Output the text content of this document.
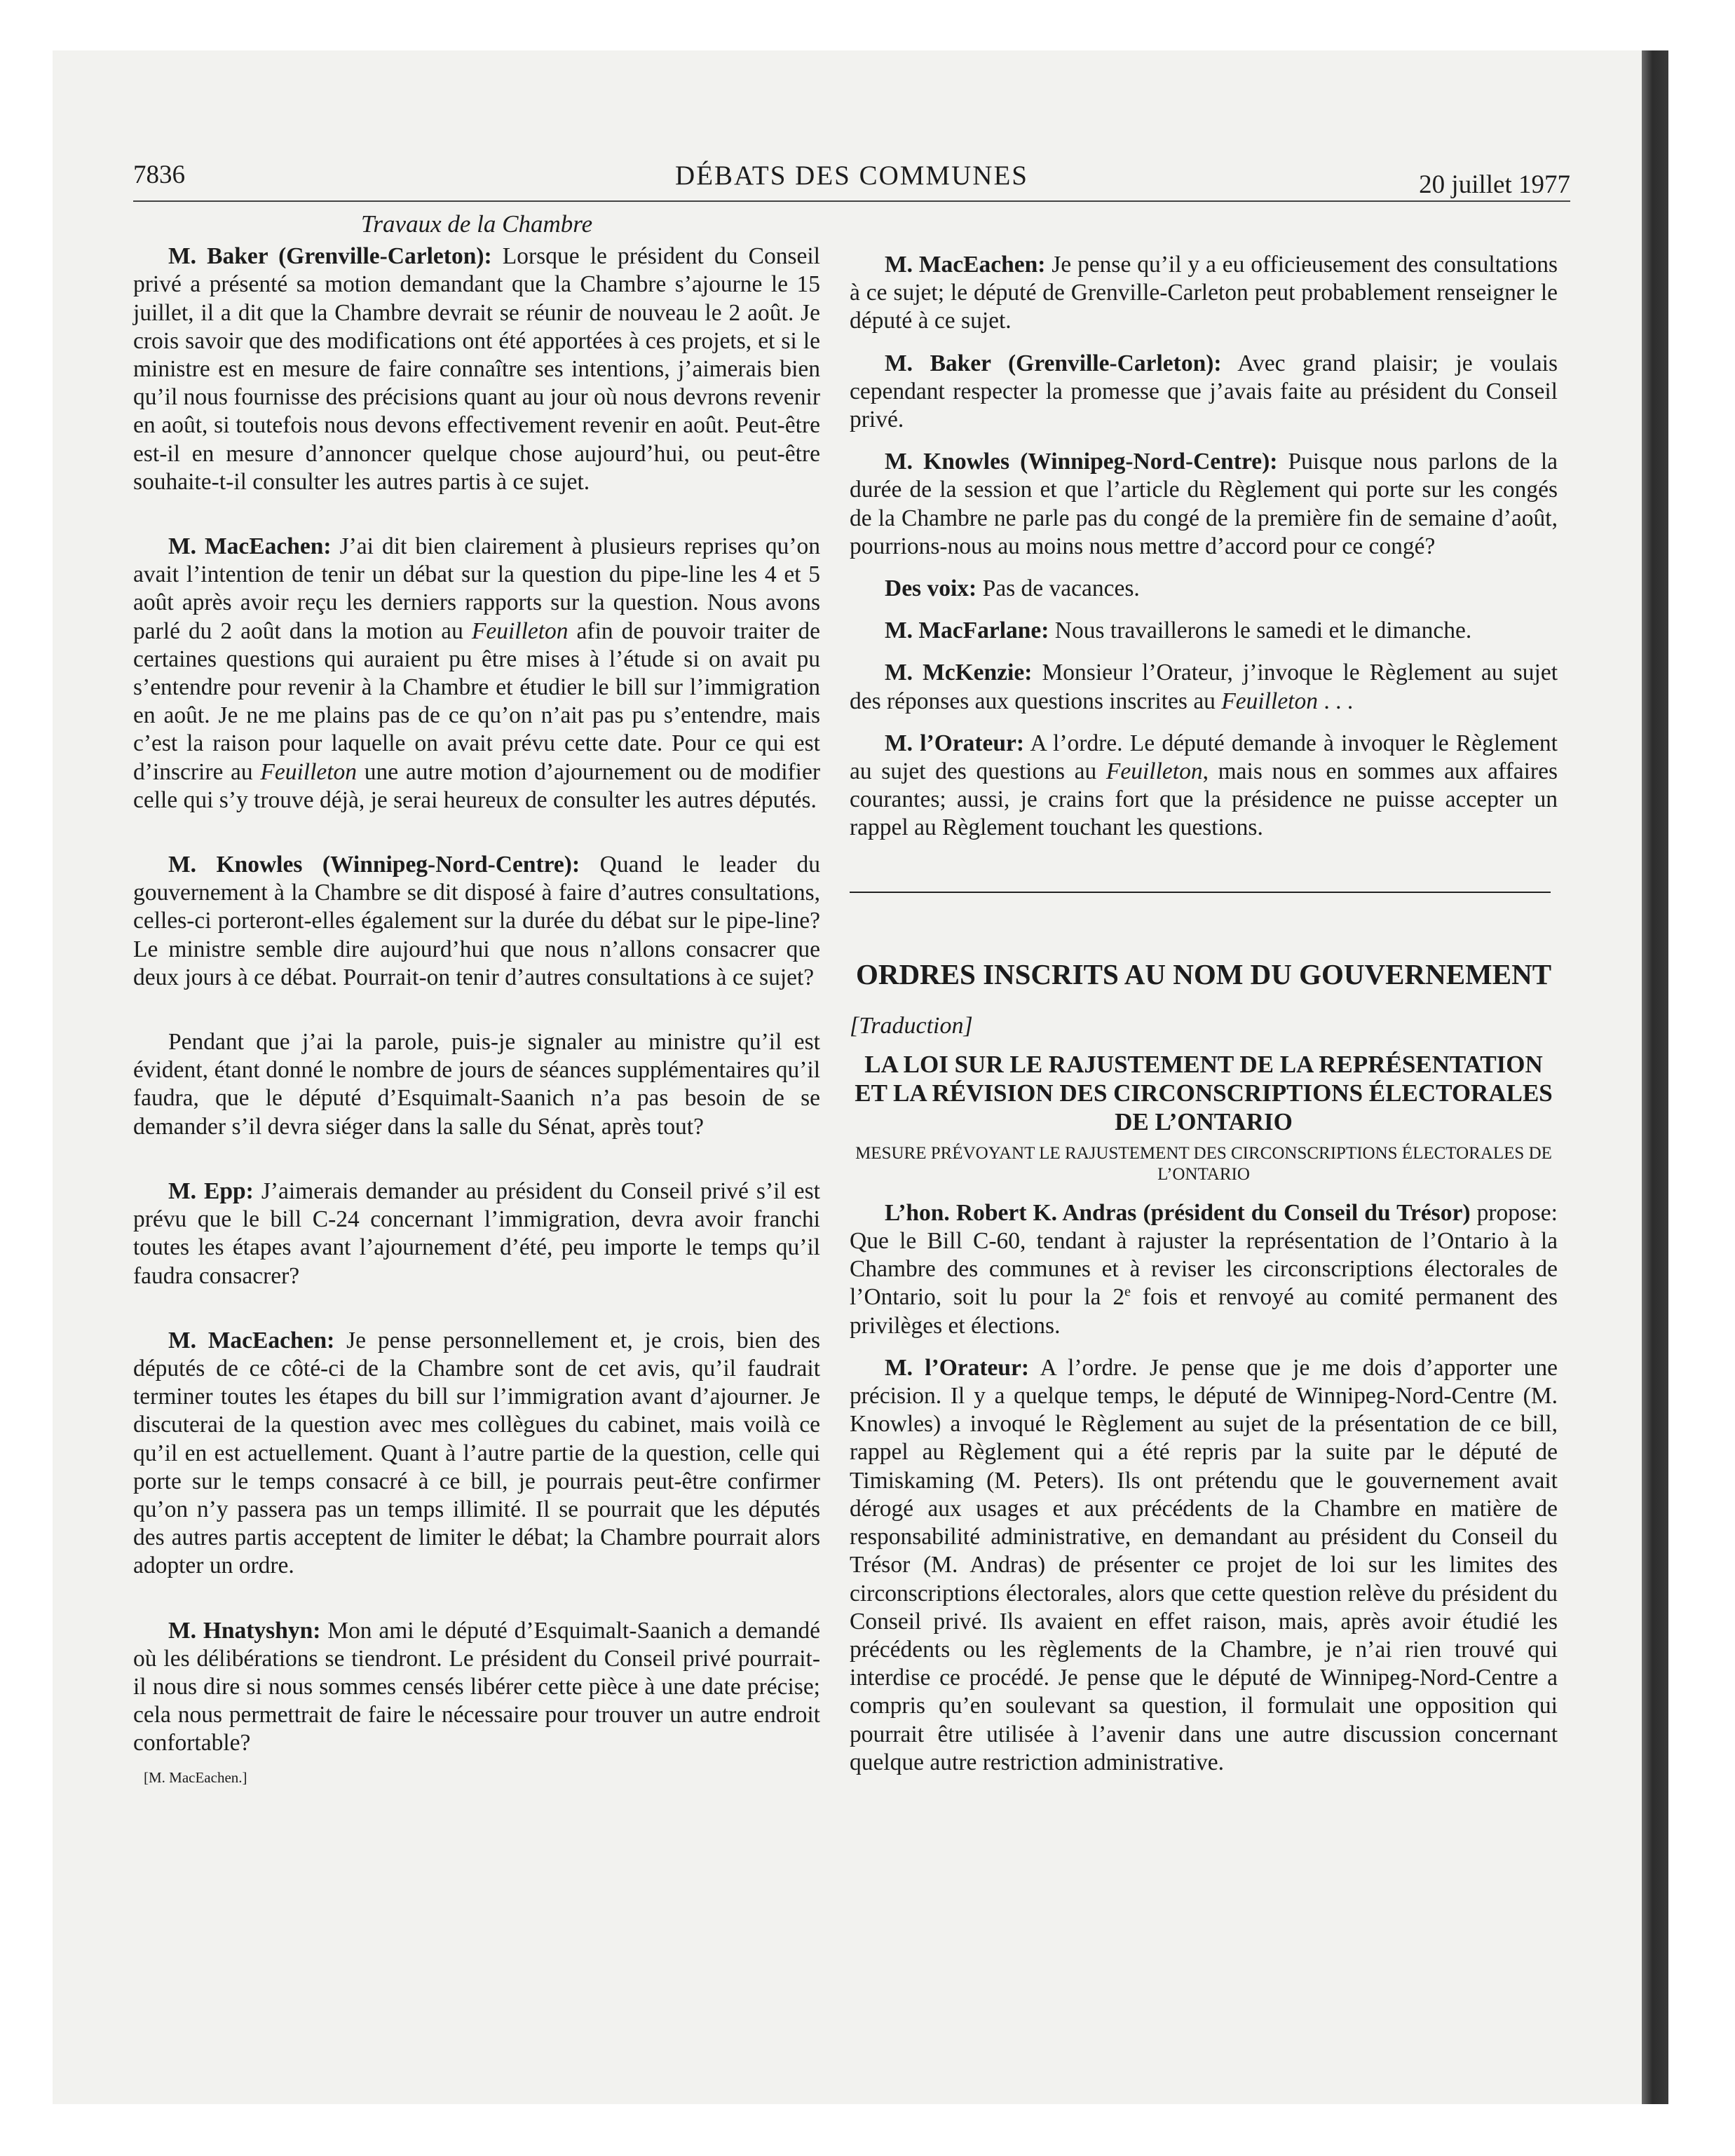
7836	DÉBATS DES COMMUNES	20 juillet 1977

Travaux de la Chambre

M. Baker (Grenville-Carleton): Lorsque le président du Conseil privé a présenté sa motion demandant que la Chambre s’ajourne le 15 juillet, il a dit que la Chambre devrait se réunir de nouveau le 2 août. Je crois savoir que des modifications ont été apportées à ces projets, et si le ministre est en mesure de faire connaître ses intentions, j’aimerais bien qu’il nous fournisse des précisions quant au jour où nous devrons revenir en août, si toutefois nous devons effectivement revenir en août. Peut-être est-il en mesure d’annoncer quelque chose aujourd’hui, ou peut-être souhaite-t-il consulter les autres partis à ce sujet.

M. MacEachen: J’ai dit bien clairement à plusieurs reprises qu’on avait l’intention de tenir un débat sur la question du pipe-line les 4 et 5 août après avoir reçu les derniers rapports sur la question. Nous avons parlé du 2 août dans la motion au Feuilleton afin de pouvoir traiter de certaines questions qui auraient pu être mises à l’étude si on avait pu s’entendre pour revenir à la Chambre et étudier le bill sur l’immigration en août. Je ne me plains pas de ce qu’on n’ait pas pu s’entendre, mais c’est la raison pour laquelle on avait prévu cette date. Pour ce qui est d’inscrire au Feuilleton une autre motion d’ajournement ou de modifier celle qui s’y trouve déjà, je serai heureux de consulter les autres députés.

M. Knowles (Winnipeg-Nord-Centre): Quand le leader du gouvernement à la Chambre se dit disposé à faire d’autres consultations, celles-ci porteront-elles également sur la durée du débat sur le pipe-line? Le ministre semble dire aujourd’hui que nous n’allons consacrer que deux jours à ce débat. Pourrait-on tenir d’autres consultations à ce sujet?

Pendant que j’ai la parole, puis-je signaler au ministre qu’il est évident, étant donné le nombre de jours de séances supplémentaires qu’il faudra, que le député d’Esquimalt-Saanich n’a pas besoin de se demander s’il devra siéger dans la salle du Sénat, après tout?

M. Epp: J’aimerais demander au président du Conseil privé s’il est prévu que le bill C-24 concernant l’immigration, devra avoir franchi toutes les étapes avant l’ajournement d’été, peu importe le temps qu’il faudra consacrer?

M. MacEachen: Je pense personnellement et, je crois, bien des députés de ce côté-ci de la Chambre sont de cet avis, qu’il faudrait terminer toutes les étapes du bill sur l’immigration avant d’ajourner. Je discuterai de la question avec mes collègues du cabinet, mais voilà ce qu’il en est actuellement. Quant à l’autre partie de la question, celle qui porte sur le temps consacré à ce bill, je pourrais peut-être confirmer qu’on n’y passera pas un temps illimité. Il se pourrait que les députés des autres partis acceptent de limiter le débat; la Chambre pourrait alors adopter un ordre.

M. Hnatyshyn: Mon ami le député d’Esquimalt-Saanich a demandé où les délibérations se tiendront. Le président du Conseil privé pourrait-il nous dire si nous sommes censés libérer cette pièce à une date précise; cela nous permettrait de faire le nécessaire pour trouver un autre endroit confortable?

[M. MacEachen.]

M. MacEachen: Je pense qu’il y a eu officieusement des consultations à ce sujet; le député de Grenville-Carleton peut probablement renseigner le député à ce sujet.

M. Baker (Grenville-Carleton): Avec grand plaisir; je voulais cependant respecter la promesse que j’avais faite au président du Conseil privé.

M. Knowles (Winnipeg-Nord-Centre): Puisque nous parlons de la durée de la session et que l’article du Règlement qui porte sur les congés de la Chambre ne parle pas du congé de la première fin de semaine d’août, pourrions-nous au moins nous mettre d’accord pour ce congé?

Des voix: Pas de vacances.

M. MacFarlane: Nous travaillerons le samedi et le dimanche.

M. McKenzie: Monsieur l’Orateur, j’invoque le Règlement au sujet des réponses aux questions inscrites au Feuilleton . . .

M. l’Orateur: A l’ordre. Le député demande à invoquer le Règlement au sujet des questions au Feuilleton, mais nous en sommes aux affaires courantes; aussi, je crains fort que la présidence ne puisse accepter un rappel au Règlement touchant les questions.

ORDRES INSCRITS AU NOM DU GOUVERNEMENT

[Traduction]

LA LOI SUR LE RAJUSTEMENT DE LA REPRÉSENTATION ET LA RÉVISION DES CIRCONSCRIPTIONS ÉLECTORALES DE L’ONTARIO

MESURE PRÉVOYANT LE RAJUSTEMENT DES CIRCONSCRIPTIONS ÉLECTORALES DE L’ONTARIO

L’hon. Robert K. Andras (président du Conseil du Trésor) propose: Que le Bill C-60, tendant à rajuster la représentation de l’Ontario à la Chambre des communes et à reviser les circonscriptions électorales de l’Ontario, soit lu pour la 2e fois et renvoyé au comité permanent des privilèges et élections.

M. l’Orateur: A l’ordre. Je pense que je me dois d’apporter une précision. Il y a quelque temps, le député de Winnipeg-Nord-Centre (M. Knowles) a invoqué le Règlement au sujet de la présentation de ce bill, rappel au Règlement qui a été repris par la suite par le député de Timiskaming (M. Peters). Ils ont prétendu que le gouvernement avait dérogé aux usages et aux précédents de la Chambre en matière de responsabilité administrative, en demandant au président du Conseil du Trésor (M. Andras) de présenter ce projet de loi sur les limites des circonscriptions électorales, alors que cette question relève du président du Conseil privé. Ils avaient en effet raison, mais, après avoir étudié les précédents ou les règlements de la Chambre, je n’ai rien trouvé qui interdise ce procédé. Je pense que le député de Winnipeg-Nord-Centre a compris qu’en soulevant sa question, il formulait une opposition qui pourrait être utilisée à l’avenir dans une autre discussion concernant quelque autre restriction administrative.
